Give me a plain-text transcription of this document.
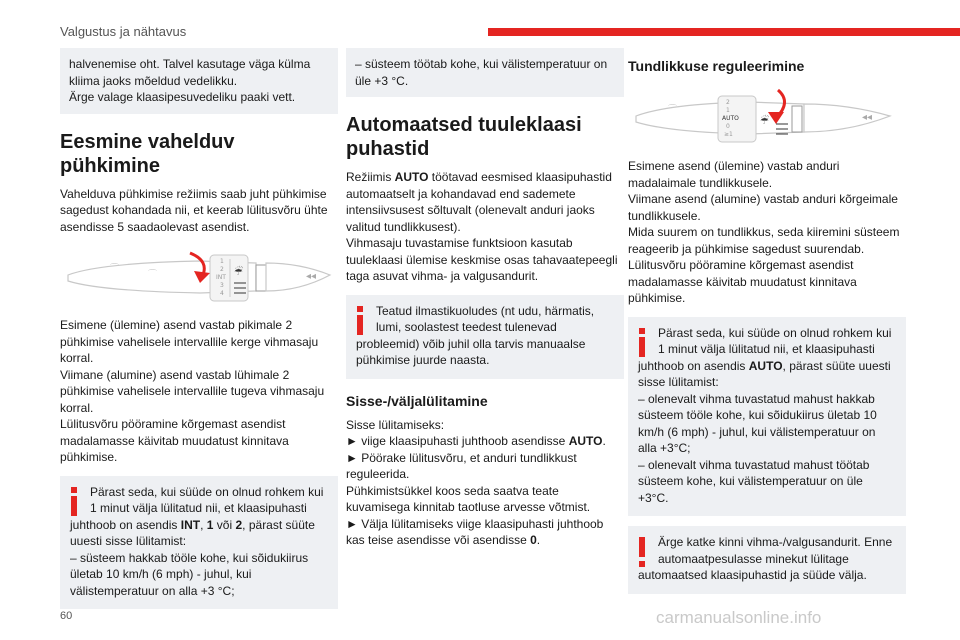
Valgustus ja nähtavus

halvenemise oht. Talvel kasutage väga külma kliima jaoks mõeldud vedelikku.

Ärge valage klaasipesuvedeliku paaki vett.

Eesmine vahelduv pühkimine

Vahelduva pühkimise režiimis saab juht pühkimise sagedust kohandada nii, et keerab lülitusvõru ühte asendisse 5 saadaolevast asendist.

⌒
⌒	◂◂
1
2
INT
3
4
☔

Esimene (ülemine) asend vastab pikimale 2 pühkimise vahelisele intervallile kerge vihmasaju korral.

Viimane (alumine) asend vastab lühimale 2 pühkimise vahelisele intervallile tugeva vihmasaju korral.

Lülitusvõru pööramine kõrgemast asendist madalamasse käivitab muudatust kinnitava pühkimise.

Pärast seda, kui süüde on olnud rohkem kui 1 minut välja lülitatud nii, et klaasipuhasti juhthoob on asendis INT, 1 või 2, pärast süüte uuesti sisse lülitamist:

– süsteem hakkab tööle kohe, kui sõidukiirus ületab 10 km/h (6 mph) - juhul, kui välistemperatuur on alla +3 °C;

– süsteem töötab kohe, kui välistemperatuur on üle +3 °C.

Automaatsed tuuleklaasi puhastid

Režiimis AUTO töötavad eesmised klaasipuhastid automaatselt ja kohandavad end sademete intensiivsusest sõltuvalt (olenevalt anduri jaoks valitud tundlikkusest).

Vihmasaju tuvastamise funktsioon kasutab tuuleklaasi ülemise keskmise osas tahavaatepeegli taga asuvat vihma- ja valgusandurit.

Teatud ilmastikuoludes (nt udu, härmatis, lumi, soolastest teedest tulenevad probleemid) võib juhil olla tarvis manuaalse pühkimise juurde naasta.

Sisse-/väljalülitamine

Sisse lülitamiseks:

► viige klaasipuhasti juhthoob asendisse AUTO.

► Pöörake lülitusvõru, et anduri tundlikkust reguleerida.

Pühkimistsükkel koos seda saatva teate kuvamisega kinnitab taotluse arvesse võtmist.

► Välja lülitamiseks viige klaasipuhasti juhthoob kas teise asendisse või asendisse 0.

Tundlikkuse reguleerimine
⌒
◂◂
2
1
AUTO
0
≥1
☔

Esimene asend (ülemine) vastab anduri madalaimale tundlikkusele.

Viimane asend (alumine) vastab anduri kõrgeimale tundlikkusele.

Mida suurem on tundlikkus, seda kiiremini süsteem reageerib ja pühkimise sagedust suurendab.

Lülitusvõru pööramine kõrgemast asendist madalamasse käivitab muudatust kinnitava pühkimise.

Pärast seda, kui süüde on olnud rohkem kui 1 minut välja lülitatud nii, et klaasipuhasti juhthoob on asendis AUTO, pärast süüte uuesti sisse lülitamist:

– olenevalt vihma tuvastatud mahust hakkab süsteem tööle kohe, kui sõidukiirus ületab 10 km/h (6 mph) - juhul, kui välistemperatuur on alla +3°C;

– olenevalt vihma tuvastatud mahust töötab süsteem kohe, kui välistemperatuur on üle +3°C.

Ärge katke kinni vihma-/valgusandurit. Enne automaatpesulasse minekut lülitage automaatsed klaasipuhastid ja süüde välja.

60	carmanualsonline.info
